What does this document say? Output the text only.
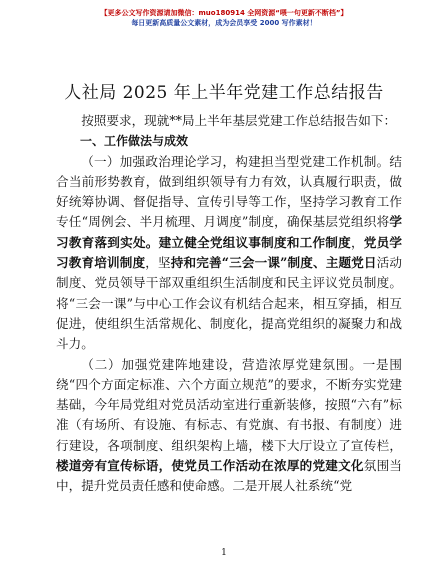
【更多公文写作资源请加微信：muo180914 全网资源“喂一句更新不断档”】
每日更新高质量公文素材，成为会员享受 2000 写作素材！
人社局 2025 年上半年党建工作总结报告

按照要求，现就**局上半年基层党建工作总结报告如下：

一、工作做法与成效

（一）加强政治理论学习，构建担当型党建工作机制。结合当前形势教育，做到组织领导有力有效，认真履行职责，做好统筹协调、督促指导、宣传引导等工作，坚持学习教育工作专任“周例会、半月梳理、月调度”制度，确保基层党组织将学习教育落到实处。建立健全党组议事制度和工作制度，党员学习教育培训制度，坚持和完善“三会一课”制度、主题党日活动制度、党员领导干部双重组织生活制度和民主评议党员制度。将“三会一课”与中心工作会议有机结合起来，相互穿插，相互促进，使组织生活常规化、制度化，提高党组织的凝聚力和战斗力。

（二）加强党建阵地建设，营造浓厚党建氛围。一是围绕“四个方面定标准、六个方面立规范”的要求，不断夯实党建基础，今年局党组对党员活动室进行重新装修，按照“六有”标准（有场所、有设施、有标志、有党旗、有书报、有制度）进行建设，各项制度、组织架构上墙，楼下大厅设立了宣传栏，楼道旁有宣传标语，使党员工作活动在浓厚的党建文化氛围当中，提升党员责任感和使命感。二是开展人社系统“党

1
